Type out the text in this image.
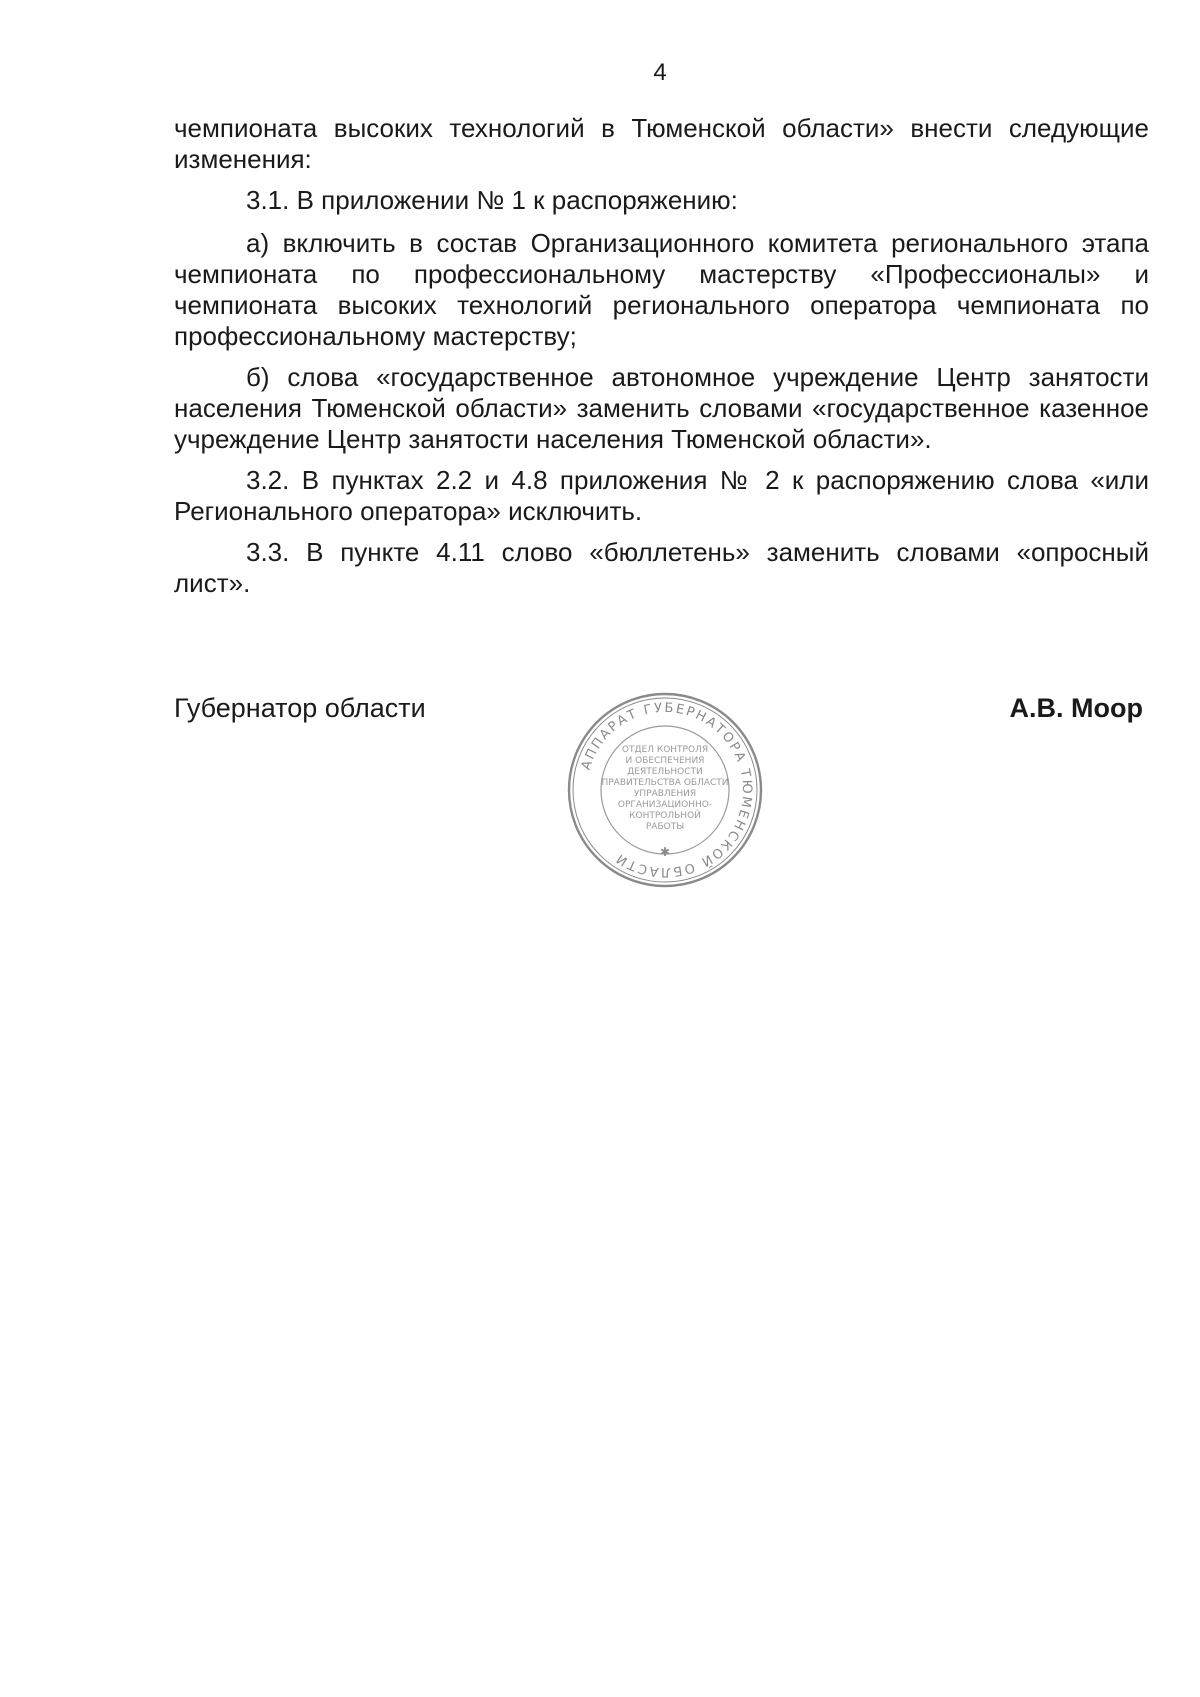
4

чемпионата высоких технологий в Тюменской области» внести следующие изменения:

3.1. В приложении № 1 к распоряжению:

а) включить в состав Организационного комитета регионального этапа чемпионата по профессиональному мастерству «Профессионалы» и чемпионата высоких технологий регионального оператора чемпионата по профессиональному мастерству;

б) слова «государственное автономное учреждение Центр занятости населения Тюменской области» заменить словами «государственное казенное учреждение Центр занятости населения Тюменской области».

3.2. В пунктах 2.2 и 4.8 приложения № 2 к распоряжению слова «или Регионального оператора» исключить.

3.3. В пункте 4.11 слово «бюллетень» заменить словами «опросный лист».

Губернатор области	А.В. Моор
АППАРАТ ГУБЕРНАТОРА ТЮМЕНСКОЙ ОБЛАСТИ	✱
ОТДЕЛ КОНТРОЛЯ
И ОБЕСПЕЧЕНИЯ
ДЕЯТЕЛЬНОСТИ
ПРАВИТЕЛЬСТВА ОБЛАСТИ
УПРАВЛЕНИЯ
ОРГАНИЗАЦИОННО-
КОНТРОЛЬНОЙ
РАБОТЫ
